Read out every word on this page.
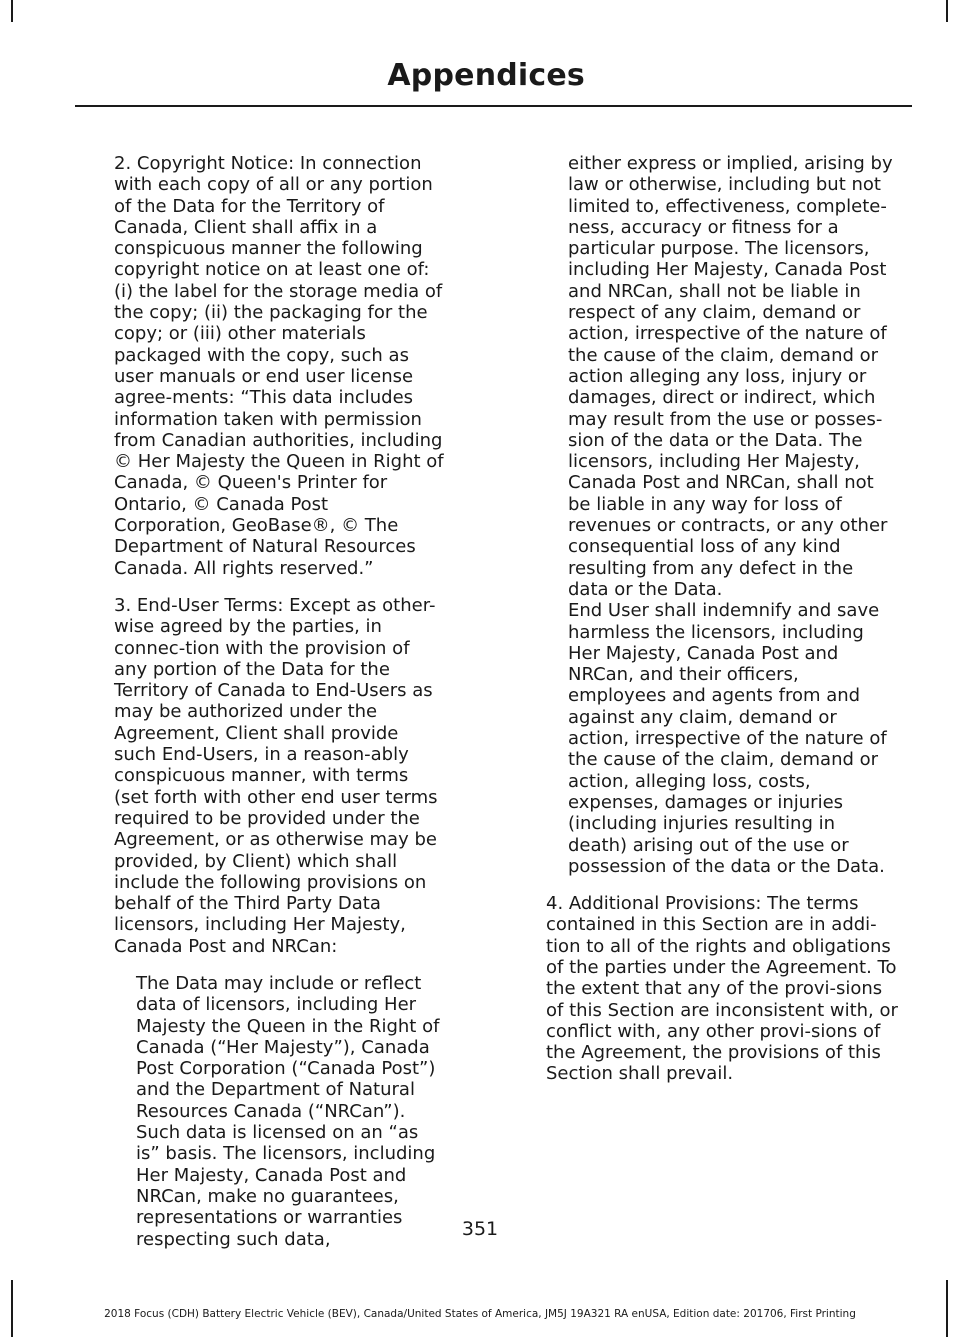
Appendices

2. Copyright Notice: In connection with each copy of all or any portion of the Data for the Territory of Canada, Client shall affix in a conspicuous manner the following copyright notice on at least one of: (i) the label for the storage media of the copy; (ii) the packaging for the copy; or (iii) other materials packaged with the copy, such as user manuals or end user license agree-ments: “This data includes information taken with permission from Canadian authorities, including © Her Majesty the Queen in Right of Canada, © Queen's Printer for Ontario, © Canada Post Corporation, GeoBase®, © The Department of Natural Resources Canada. All rights reserved.”

3. End-User Terms: Except as other-wise agreed by the parties, in connec-tion with the provision of any portion of the Data for the Territory of Canada to End-Users as may be authorized under the Agreement, Client shall provide such End-Users, in a reason-ably conspicuous manner, with terms (set forth with other end user terms required to be provided under the Agreement, or as otherwise may be provided, by Client) which shall include the following provisions on behalf of the Third Party Data licensors, including Her Majesty, Canada Post and NRCan:

The Data may include or reflect data of licensors, including Her Majesty the Queen in the Right of Canada (“Her Majesty”), Canada Post Corporation (“Canada Post”) and the Department of Natural Resources Canada (“NRCan”). Such data is licensed on an “as is” basis. The licensors, including Her Majesty, Canada Post and NRCan, make no guarantees, representations or warranties respecting such data,

either express or implied, arising by law or otherwise, including but not limited to, effectiveness, complete-ness, accuracy or fitness for a particular purpose. The licensors, including Her Majesty, Canada Post and NRCan, shall not be liable in respect of any claim, demand or action, irrespective of the nature of the cause of the claim, demand or action alleging any loss, injury or damages, direct or indirect, which may result from the use or posses-sion of the data or the Data. The licensors, including Her Majesty, Canada Post and NRCan, shall not be liable in any way for loss of revenues or contracts, or any other consequential loss of any kind resulting from any defect in the data or the Data.

End User shall indemnify and save harmless the licensors, including Her Majesty, Canada Post and NRCan, and their officers, employees and agents from and against any claim, demand or action, irrespective of the nature of the cause of the claim, demand or action, alleging loss, costs, expenses, damages or injuries (including injuries resulting in death) arising out of the use or possession of the data or the Data.

4. Additional Provisions: The terms contained in this Section are in addi-tion to all of the rights and obligations of the parties under the Agreement. To the extent that any of the provi-sions of this Section are inconsistent with, or conflict with, any other provi-sions of the Agreement, the provisions of this Section shall prevail.

351
2018 Focus (CDH) Battery Electric Vehicle (BEV), Canada/United States of America, JM5J 19A321 RA enUSA, Edition date: 201706, First Printing
